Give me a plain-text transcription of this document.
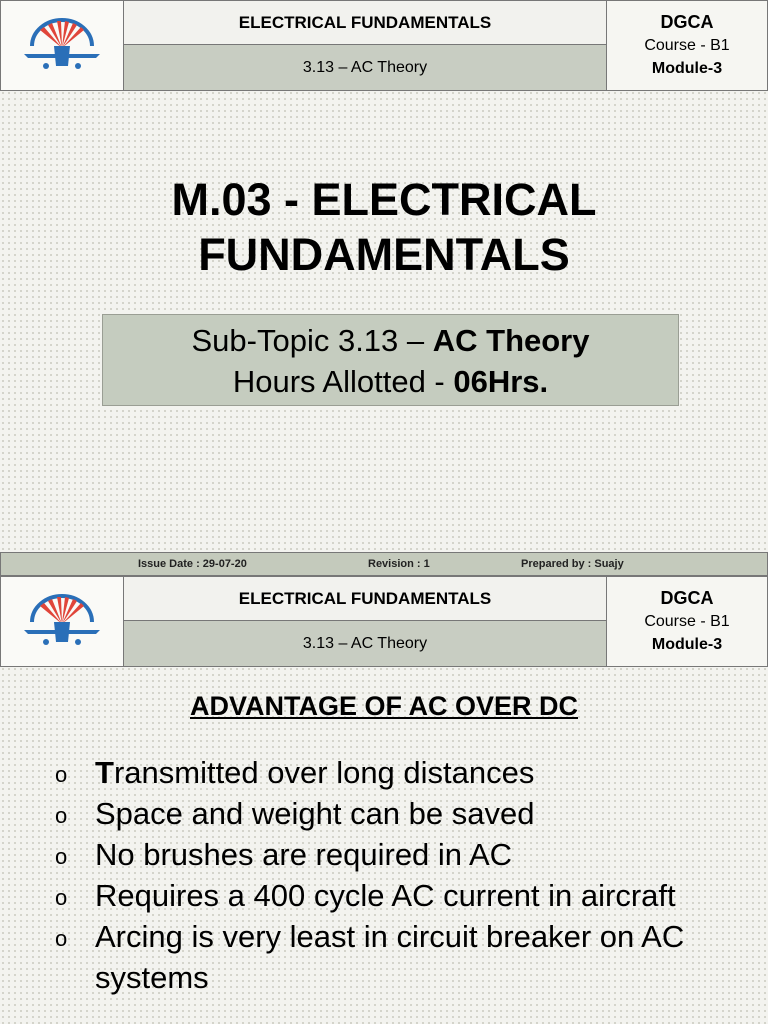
ELECTRICAL FUNDAMENTALS
3.13 – AC Theory
DGCA
Course - B1
Module-3
M.03 - ELECTRICAL
FUNDAMENTALS
Sub-Topic 3.13 – AC Theory
Hours Allotted - 06Hrs.
Issue Date : 29-07-20	Revision : 1	Prepared by : Suajy
ELECTRICAL FUNDAMENTALS
3.13 – AC Theory
DGCA
Course - B1
Module-3
ADVANTAGE OF AC OVER DC
o Transmitted over long distances
o Space and weight can be saved
o No brushes are required in AC
o Requires a 400 cycle AC current in aircraft
o Arcing is very least in circuit breaker on AC systems
